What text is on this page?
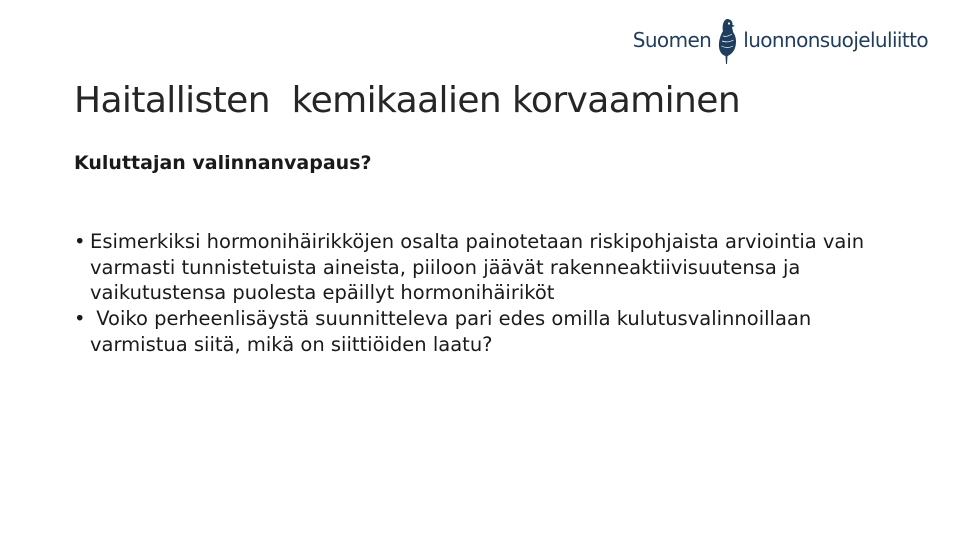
Suomen luonnonsuojeluliitto
Haitallisten  kemikaalien korvaaminen
Kuluttajan valinnanvapaus?
• Esimerkiksi hormonihäirikköjen osalta painotetaan riskipohjaista arviointia vain varmasti tunnistetuista aineista, piiloon jäävät rakenneaktiivisuutensa ja vaikutustensa puolesta epäillyt hormonihäiriköt
• Voiko perheenlisäystä suunnitteleva pari edes omilla kulutusvalinnoillaan varmistua siitä, mikä on siittiöiden laatu?
